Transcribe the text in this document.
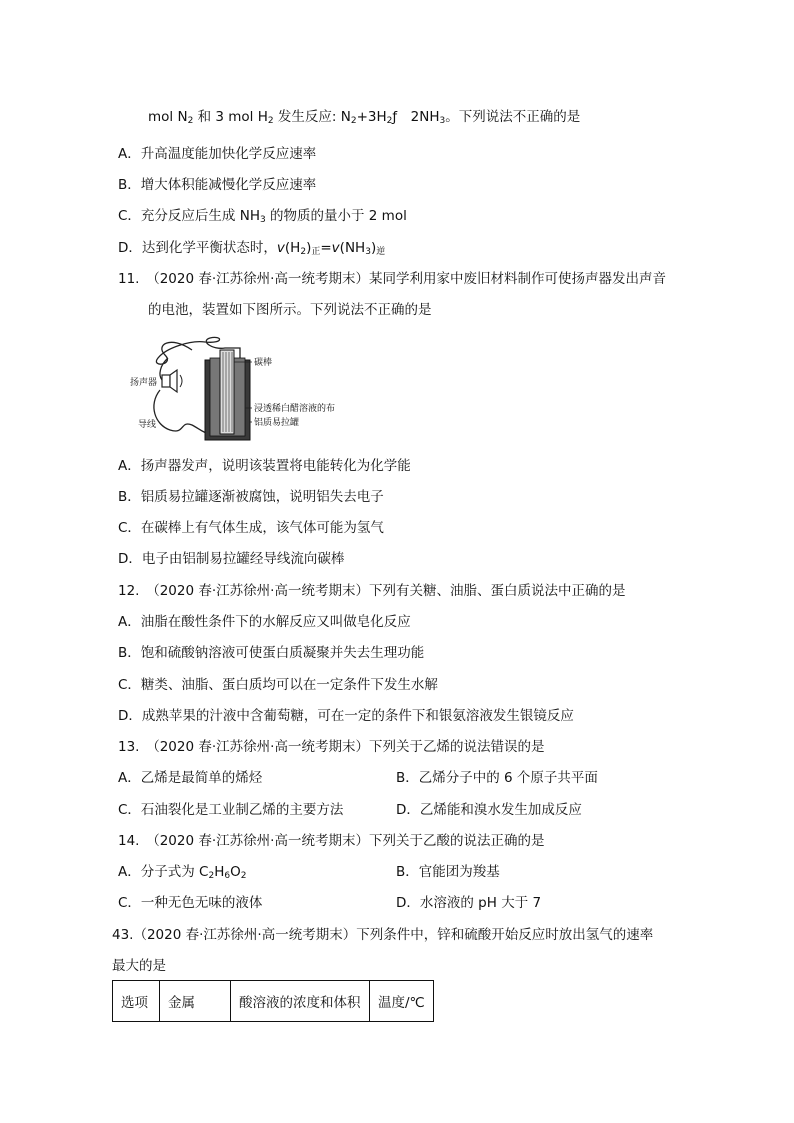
mol $N_2$ 和 3 mol $H_2$ 发生反应: $N_2+3H_2ƒ$　$2NH_3$。下列说法不正确的是
A．升高温度能加快化学反应速率
B．增大体积能减慢化学反应速率
C．充分反应后生成 $NH_3$ 的物质的量小于 2 mol
D．达到化学平衡状态时，$v(H_2)_正=v(NH_3)_逆$
11.　（2020 春·江苏徐州·高一统考期末）某同学利用家中废旧材料制作可使扬声器发出声音
的电池，装置如下图所示。下列说法不正确的是
扬声器
导线
碳棒
浸透稀白醋溶液的布
铝质易拉罐
A．扬声器发声，说明该装置将电能转化为化学能
B．铝质易拉罐逐渐被腐蚀，说明铝失去电子
C．在碳棒上有气体生成，该气体可能为氢气
D．电子由铝制易拉罐经导线流向碳棒
12.　（2020 春·江苏徐州·高一统考期末）下列有关糖、油脂、蛋白质说法中正确的是
A．油脂在酸性条件下的水解反应又叫做皂化反应
B．饱和硫酸钠溶液可使蛋白质凝聚并失去生理功能
C．糖类、油脂、蛋白质均可以在一定条件下发生水解
D．成熟苹果的汁液中含葡萄糖，可在一定的条件下和银氨溶液发生银镜反应
13.　（2020 春·江苏徐州·高一统考期末）下列关于乙烯的说法错误的是
A．乙烯是最简单的烯烃	B．乙烯分子中的 6 个原子共平面
C．石油裂化是工业制乙烯的主要方法	D．乙烯能和溴水发生加成反应
14.　（2020 春·江苏徐州·高一统考期末）下列关于乙酸的说法正确的是
A．分子式为 $C_2H_6O_2$	B．官能团为羧基
C．一种无色无味的液体	D．水溶液的 pH 大于 7
43.（2020 春·江苏徐州·高一统考期末）下列条件中，锌和硫酸开始反应时放出氢气的速率
最大的是
选项	金属	酸溶液的浓度和体积	温度/℃
